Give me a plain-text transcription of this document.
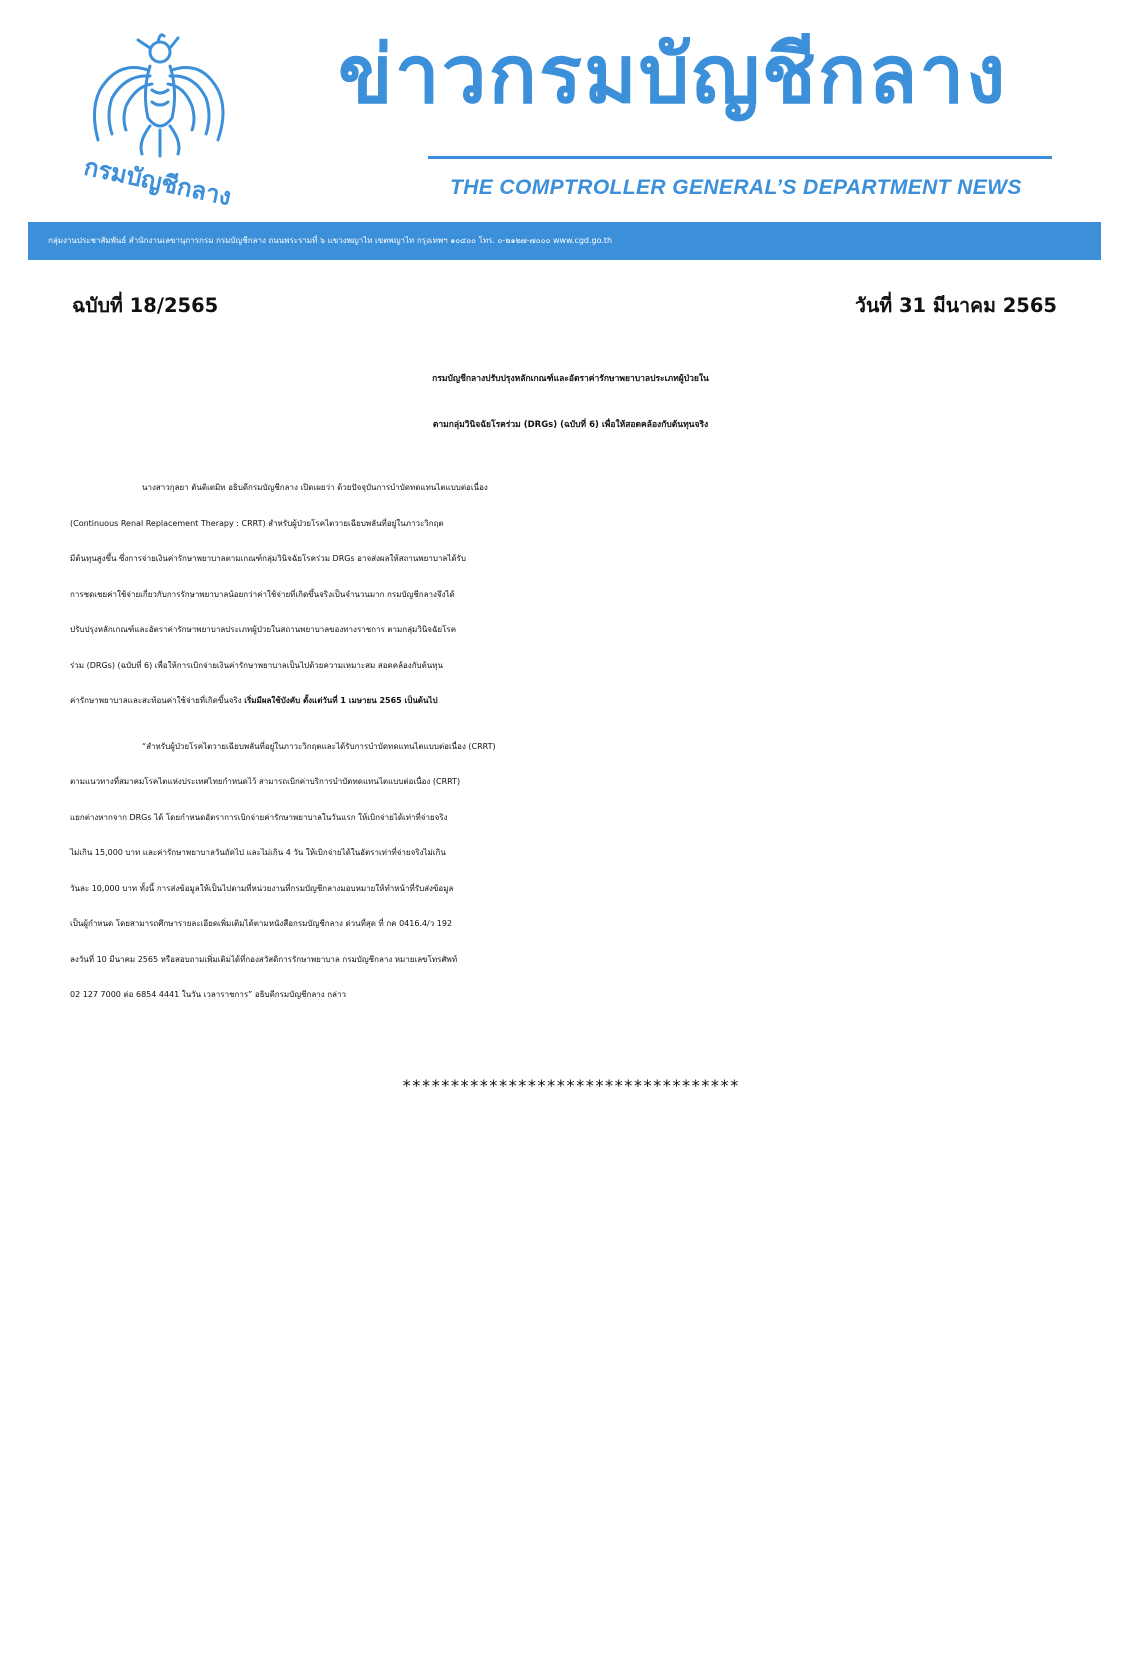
กรมบัญชีกลาง
ข่าวกรมบัญชีกลาง
THE COMPTROLLER GENERAL’S DEPARTMENT NEWS
กลุ่มงานประชาสัมพันธ์ สำนักงานเลขานุการกรม กรมบัญชีกลาง ถนนพระรามที่ ๖ แขวงพญาไท เขตพญาไท กรุงเทพฯ ๑๐๔๐๐ โทร. ๐-๒๑๒๗-๗๐๐๐ www.cgd.go.th
ฉบับที่ 18/2565	วันที่ 31 มีนาคม 2565
กรมบัญชีกลางปรับปรุงหลักเกณฑ์และอัตราค่ารักษาพยาบาลประเภทผู้ป่วยใน
ตามกลุ่มวินิจฉัยโรคร่วม (DRGs) (ฉบับที่ 6) เพื่อให้สอดคล้องกับต้นทุนจริง

นางสาวกุลยา ตันติเตมิท อธิบดีกรมบัญชีกลาง เปิดเผยว่า ด้วยปัจจุบันการบำบัดทดแทนไตแบบต่อเนื่อง
(Continuous Renal Replacement Therapy : CRRT) สำหรับผู้ป่วยโรคไตวายเฉียบพลันที่อยู่ในภาวะวิกฤต
มีต้นทุนสูงขึ้น ซึ่งการจ่ายเงินค่ารักษาพยาบาลตามเกณฑ์กลุ่มวินิจฉัยโรคร่วม DRGs อาจส่งผลให้สถานพยาบาลได้รับ
การชดเชยค่าใช้จ่ายเกี่ยวกับการรักษาพยาบาลน้อยกว่าค่าใช้จ่ายที่เกิดขึ้นจริงเป็นจำนวนมาก กรมบัญชีกลางจึงได้
ปรับปรุงหลักเกณฑ์และอัตราค่ารักษาพยาบาลประเภทผู้ป่วยในสถานพยาบาลของทางราชการ ตามกลุ่มวินิจฉัยโรค
ร่วม (DRGs) (ฉบับที่ 6) เพื่อให้การเบิกจ่ายเงินค่ารักษาพยาบาลเป็นไปด้วยความเหมาะสม สอดคล้องกับต้นทุน
ค่ารักษาพยาบาลและสะท้อนค่าใช้จ่ายที่เกิดขึ้นจริง เริ่มมีผลใช้บังคับ ตั้งแต่วันที่ 1 เมษายน 2565 เป็นต้นไป

“สำหรับผู้ป่วยโรคไตวายเฉียบพลันที่อยู่ในภาวะวิกฤตและได้รับการบำบัดทดแทนไตแบบต่อเนื่อง (CRRT)
ตามแนวทางที่สมาคมโรคไตแห่งประเทศไทยกำหนดไว้ สามารถเบิกค่าบริการบำบัดทดแทนไตแบบต่อเนื่อง (CRRT)
แยกต่างหากจาก DRGs ได้ โดยกำหนดอัตราการเบิกจ่ายค่ารักษาพยาบาลในวันแรก ให้เบิกจ่ายได้เท่าที่จ่ายจริง
ไม่เกิน 15,000 บาท และค่ารักษาพยาบาลวันถัดไป และไม่เกิน 4 วัน ให้เบิกจ่ายได้ในอัตราเท่าที่จ่ายจริงไม่เกิน
วันละ 10,000 บาท ทั้งนี้ การส่งข้อมูลให้เป็นไปตามที่หน่วยงานที่กรมบัญชีกลางมอบหมายให้ทำหน้าที่รับส่งข้อมูล
เป็นผู้กำหนด โดยสามารถศึกษารายละเอียดเพิ่มเติมได้ตามหนังสือกรมบัญชีกลาง ด่วนที่สุด ที่ กค 0416.4/ว 192
ลงวันที่ 10 มีนาคม 2565 หรือสอบถามเพิ่มเติมได้ที่กองสวัสดิการรักษาพยาบาล กรมบัญชีกลาง หมายเลขโทรศัพท์
02 127 7000 ต่อ 6854 4441 ในวัน เวลาราชการ” อธิบดีกรมบัญชีกลาง กล่าว

***********************************
